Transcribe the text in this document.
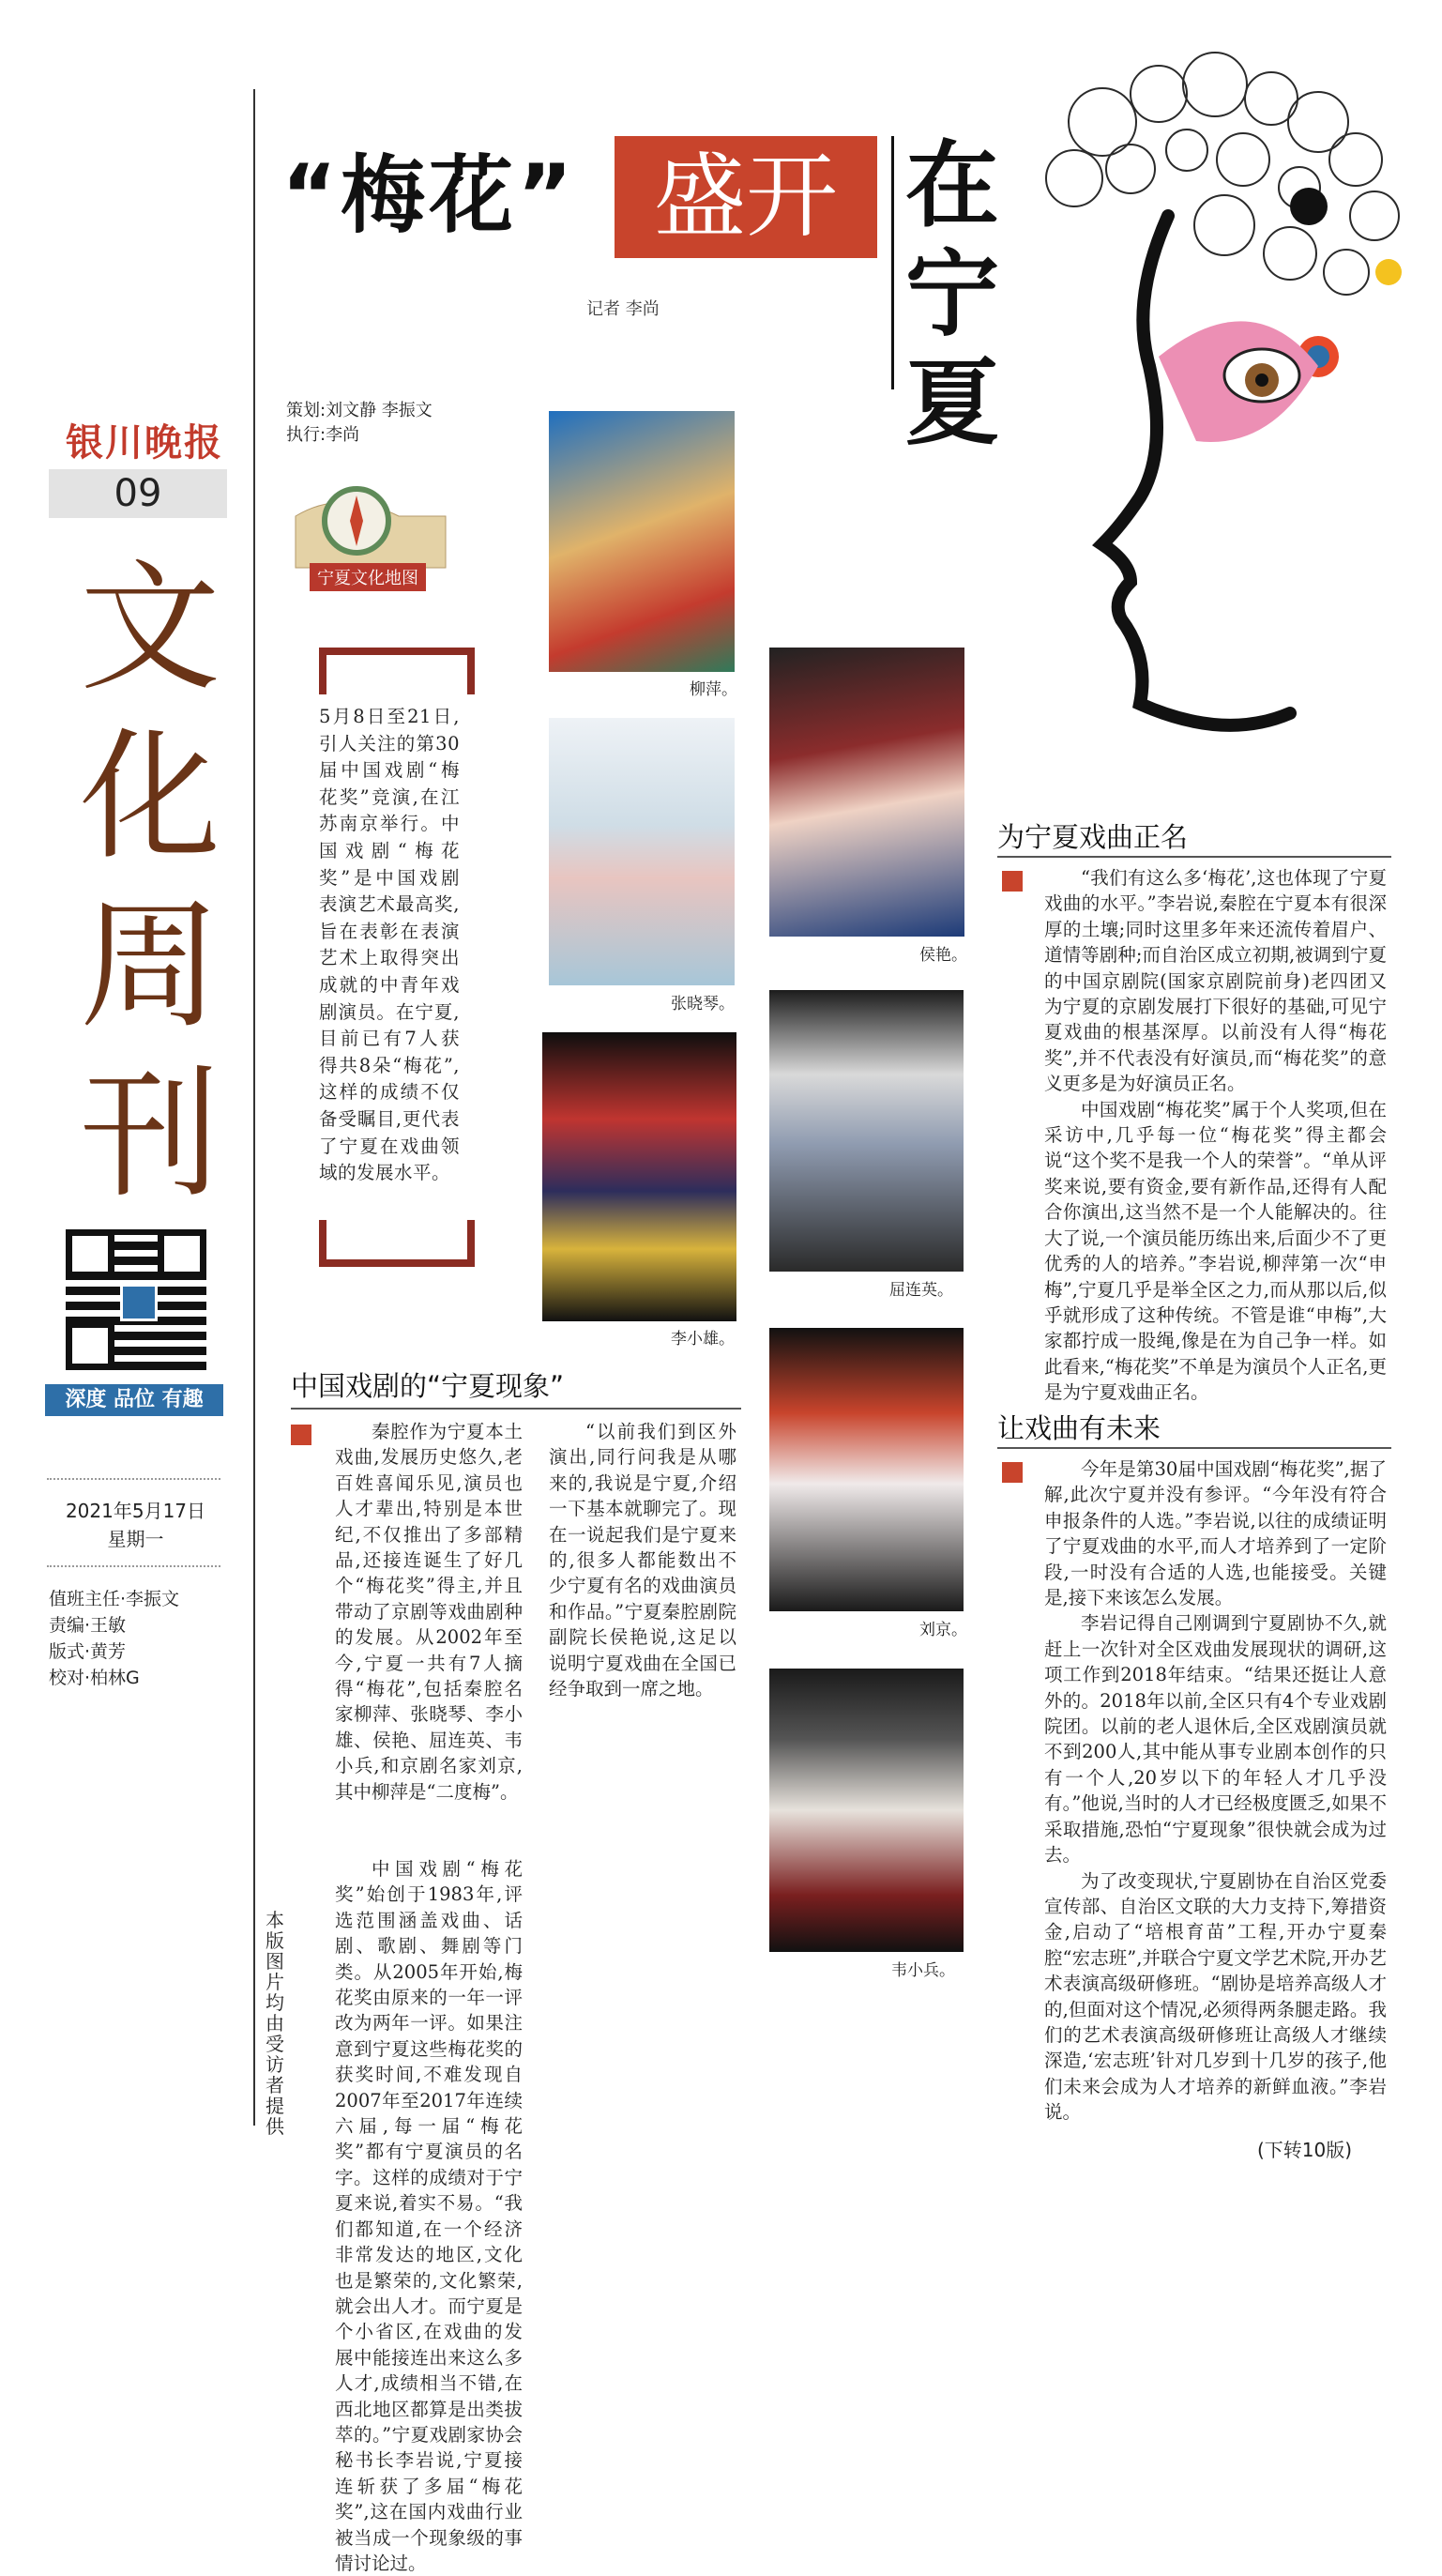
银川晚报
09
文
化
周
刊
深度 品位 有趣
2021年5月17日
星期一
值班主任·李振文
责编·王敏
版式·黄芳
校对·柏林G
“梅花” 盛开 在
宁
夏
记者 李尚
策划:刘文静 李振文
执行:李尚
宁夏文化地图
5月8日至21日,引人关注的第30届中国戏剧“梅花奖”竞演,在江苏南京举行。中国戏剧“梅花奖”是中国戏剧表演艺术最高奖,旨在表彰在表演艺术上取得突出成就的中青年戏剧演员。在宁夏,目前已有7人获得共8朵“梅花”,这样的成绩不仅备受瞩目,更代表了宁夏在戏曲领域的发展水平。
柳萍。
张晓琴。
侯艳。
李小雄。
屈连英。
刘京。
韦小兵。
中国戏剧的“宁夏现象”

秦腔作为宁夏本土戏曲,发展历史悠久,老百姓喜闻乐见,演员也人才辈出,特别是本世纪,不仅推出了多部精品,还接连诞生了好几个“梅花奖”得主,并且带动了京剧等戏曲剧种的发展。从2002年至今,宁夏一共有7人摘得“梅花”,包括秦腔名家柳萍、张晓琴、李小雄、侯艳、屈连英、韦小兵,和京剧名家刘京,其中柳萍是“二度梅”。

中国戏剧“梅花奖”始创于1983年,评选范围涵盖戏曲、话剧、歌剧、舞剧等门类。从2005年开始,梅花奖由原来的一年一评改为两年一评。如果注意到宁夏这些梅花奖的获奖时间,不难发现自2007年至2017年连续六届,每一届“梅花奖”都有宁夏演员的名字。这样的成绩对于宁夏来说,着实不易。“我们都知道,在一个经济非常发达的地区,文化也是繁荣的,文化繁荣,就会出人才。而宁夏是个小省区,在戏曲的发展中能接连出来这么多人才,成绩相当不错,在西北地区都算是出类拔萃的。”宁夏戏剧家协会秘书长李岩说,宁夏接连斩获了多届“梅花奖”,这在国内戏曲行业被当成一个现象级的事情讨论过。

“以前我们到区外演出,同行问我是从哪来的,我说是宁夏,介绍一下基本就聊完了。现在一说起我们是宁夏来的,很多人都能数出不少宁夏有名的戏曲演员和作品。”宁夏秦腔剧院副院长侯艳说,这足以说明宁夏戏曲在全国已经争取到一席之地。

本版图片均由受访者提供
为宁夏戏曲正名

“我们有这么多‘梅花’,这也体现了宁夏戏曲的水平。”李岩说,秦腔在宁夏本有很深厚的土壤;同时这里多年来还流传着眉户、道情等剧种;而自治区成立初期,被调到宁夏的中国京剧院(国家京剧院前身)老四团又为宁夏的京剧发展打下很好的基础,可见宁夏戏曲的根基深厚。以前没有人得“梅花奖”,并不代表没有好演员,而“梅花奖”的意义更多是为好演员正名。

中国戏剧“梅花奖”属于个人奖项,但在采访中,几乎每一位“梅花奖”得主都会说“这个奖不是我一个人的荣誉”。“单从评奖来说,要有资金,要有新作品,还得有人配合你演出,这当然不是一个人能解决的。往大了说,一个演员能历练出来,后面少不了更优秀的人的培养。”李岩说,柳萍第一次“申梅”,宁夏几乎是举全区之力,而从那以后,似乎就形成了这种传统。不管是谁“申梅”,大家都拧成一股绳,像是在为自己争一样。如此看来,“梅花奖”不单是为演员个人正名,更是为宁夏戏曲正名。

让戏曲有未来

今年是第30届中国戏剧“梅花奖”,据了解,此次宁夏并没有参评。“今年没有符合申报条件的人选。”李岩说,以往的成绩证明了宁夏戏曲的水平,而人才培养到了一定阶段,一时没有合适的人选,也能接受。关键是,接下来该怎么发展。

李岩记得自己刚调到宁夏剧协不久,就赶上一次针对全区戏曲发展现状的调研,这项工作到2018年结束。“结果还挺让人意外的。2018年以前,全区只有4个专业戏剧院团。以前的老人退休后,全区戏剧演员就不到200人,其中能从事专业剧本创作的只有一个人,20岁以下的年轻人才几乎没有。”他说,当时的人才已经极度匮乏,如果不采取措施,恐怕“宁夏现象”很快就会成为过去。

为了改变现状,宁夏剧协在自治区党委宣传部、自治区文联的大力支持下,筹措资金,启动了“培根育苗”工程,开办宁夏秦腔“宏志班”,并联合宁夏文学艺术院,开办艺术表演高级研修班。“剧协是培养高级人才的,但面对这个情况,必须得两条腿走路。我们的艺术表演高级研修班让高级人才继续深造,‘宏志班’针对几岁到十几岁的孩子,他们未来会成为人才培养的新鲜血液。”李岩说。

(下转10版)
